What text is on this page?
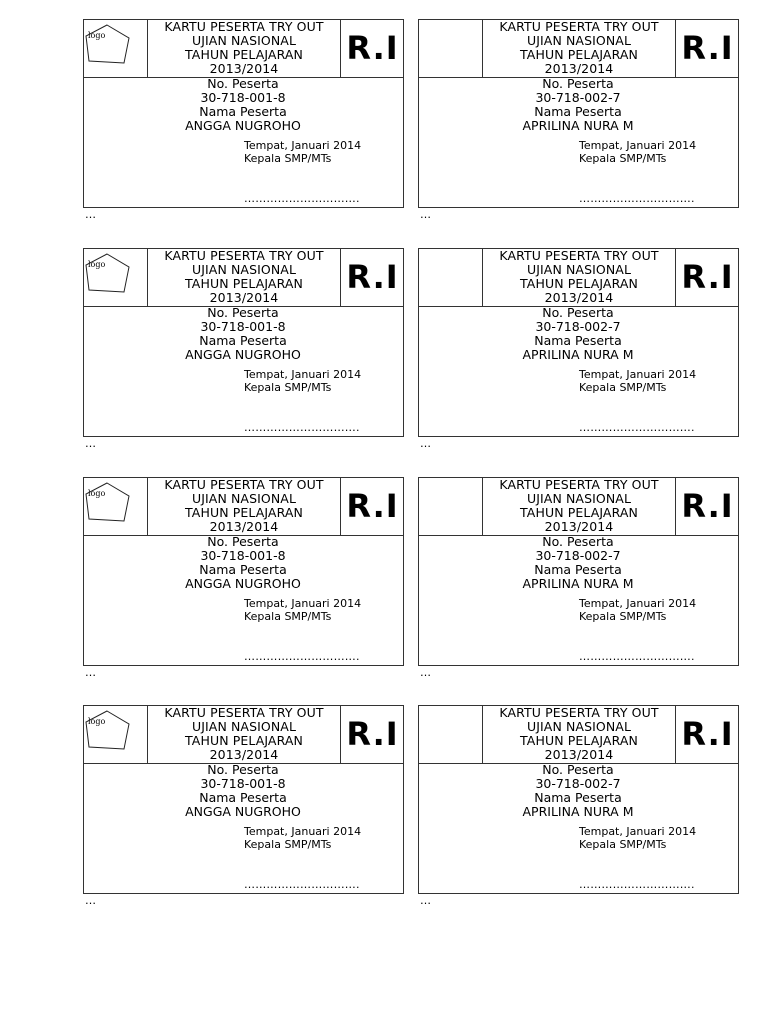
logo
KARTU PESERTA TRY OUT
UJIAN NASIONAL
TAHUN PELAJARAN
2013/2014
R.I
No. Peserta
30-718-001-8
Nama Peserta
ANGGA NUGROHO
Tempat, Januari 2014
Kepala SMP/MTs
………………………….
…
KARTU PESERTA TRY OUT
UJIAN NASIONAL
TAHUN PELAJARAN
2013/2014
R.I
No. Peserta
30-718-002-7
Nama Peserta
APRILINA NURA M
Tempat, Januari 2014
Kepala SMP/MTs
………………………….
…
logo
KARTU PESERTA TRY OUT
UJIAN NASIONAL
TAHUN PELAJARAN
2013/2014
R.I
No. Peserta
30-718-001-8
Nama Peserta
ANGGA NUGROHO
Tempat, Januari 2014
Kepala SMP/MTs
………………………….
…
KARTU PESERTA TRY OUT
UJIAN NASIONAL
TAHUN PELAJARAN
2013/2014
R.I
No. Peserta
30-718-002-7
Nama Peserta
APRILINA NURA M
Tempat, Januari 2014
Kepala SMP/MTs
………………………….
…
logo
KARTU PESERTA TRY OUT
UJIAN NASIONAL
TAHUN PELAJARAN
2013/2014
R.I
No. Peserta
30-718-001-8
Nama Peserta
ANGGA NUGROHO
Tempat, Januari 2014
Kepala SMP/MTs
………………………….
…
KARTU PESERTA TRY OUT
UJIAN NASIONAL
TAHUN PELAJARAN
2013/2014
R.I
No. Peserta
30-718-002-7
Nama Peserta
APRILINA NURA M
Tempat, Januari 2014
Kepala SMP/MTs
………………………….
…
logo
KARTU PESERTA TRY OUT
UJIAN NASIONAL
TAHUN PELAJARAN
2013/2014
R.I
No. Peserta
30-718-001-8
Nama Peserta
ANGGA NUGROHO
Tempat, Januari 2014
Kepala SMP/MTs
………………………….
…
KARTU PESERTA TRY OUT
UJIAN NASIONAL
TAHUN PELAJARAN
2013/2014
R.I
No. Peserta
30-718-002-7
Nama Peserta
APRILINA NURA M
Tempat, Januari 2014
Kepala SMP/MTs
………………………….
…
